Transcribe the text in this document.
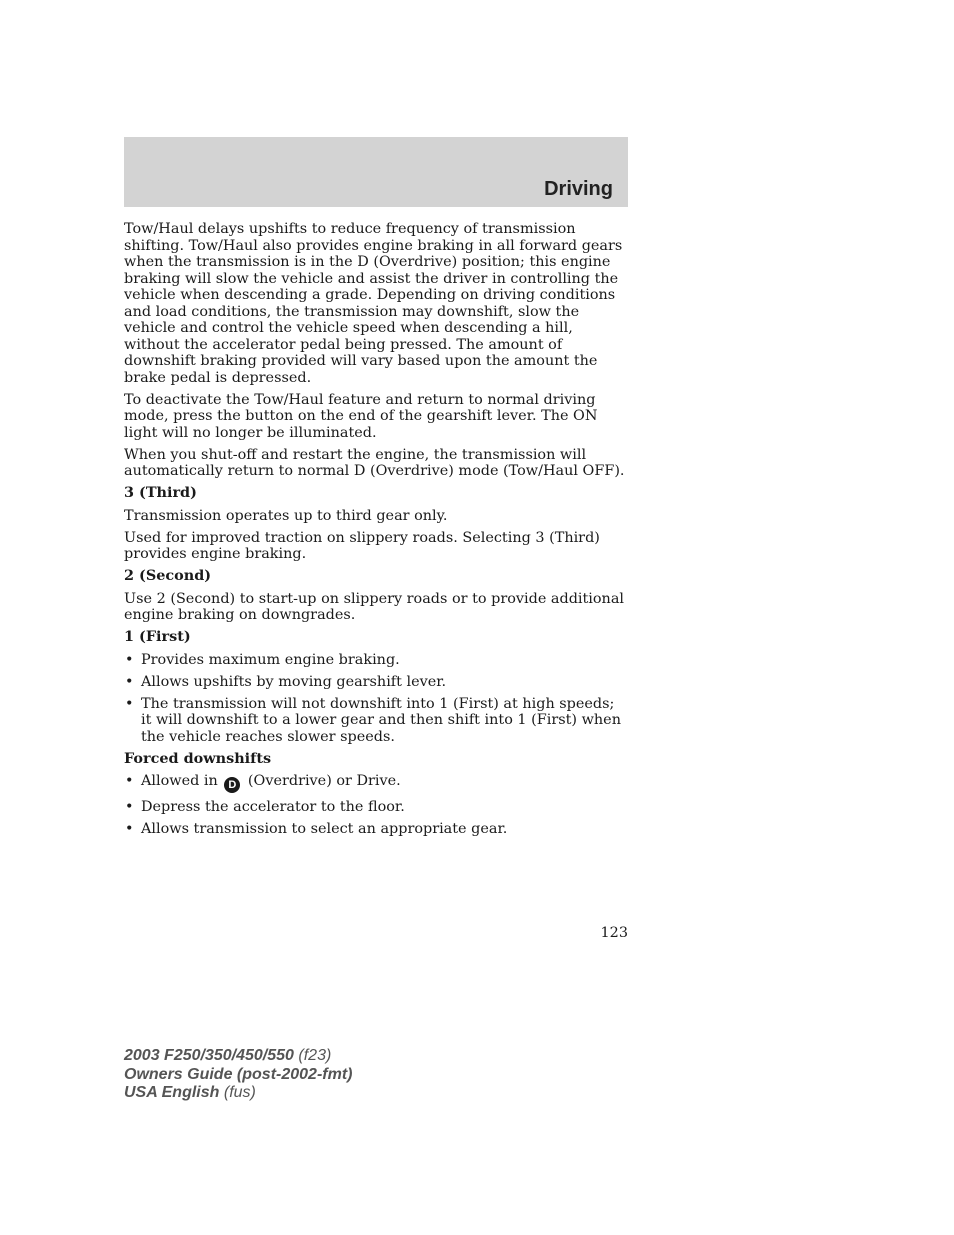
Driving

Tow/Haul delays upshifts to reduce frequency of transmission shifting. Tow/Haul also provides engine braking in all forward gears when the transmission is in the D (Overdrive) position; this engine braking will slow the vehicle and assist the driver in controlling the vehicle when descending a grade. Depending on driving conditions and load conditions, the transmission may downshift, slow the vehicle and control the vehicle speed when descending a hill, without the accelerator pedal being pressed. The amount of downshift braking provided will vary based upon the amount the brake pedal is depressed.

To deactivate the Tow/Haul feature and return to normal driving mode, press the button on the end of the gearshift lever. The ON light will no longer be illuminated.

When you shut-off and restart the engine, the transmission will automatically return to normal D (Overdrive) mode (Tow/Haul OFF).

3 (Third)

Transmission operates up to third gear only.

Used for improved traction on slippery roads. Selecting 3 (Third) provides engine braking.

2 (Second)

Use 2 (Second) to start-up on slippery roads or to provide additional engine braking on downgrades.

1 (First)

• Provides maximum engine braking.
• Allows upshifts by moving gearshift lever.
• The transmission will not downshift into 1 (First) at high speeds; it will downshift to a lower gear and then shift into 1 (First) when the vehicle reaches slower speeds.

Forced downshifts

• Allowed in D (Overdrive) or Drive.
• Depress the accelerator to the floor.
• Allows transmission to select an appropriate gear.
123
2003 F250/350/450/550 (f23)
Owners Guide (post-2002-fmt)
USA English (fus)
